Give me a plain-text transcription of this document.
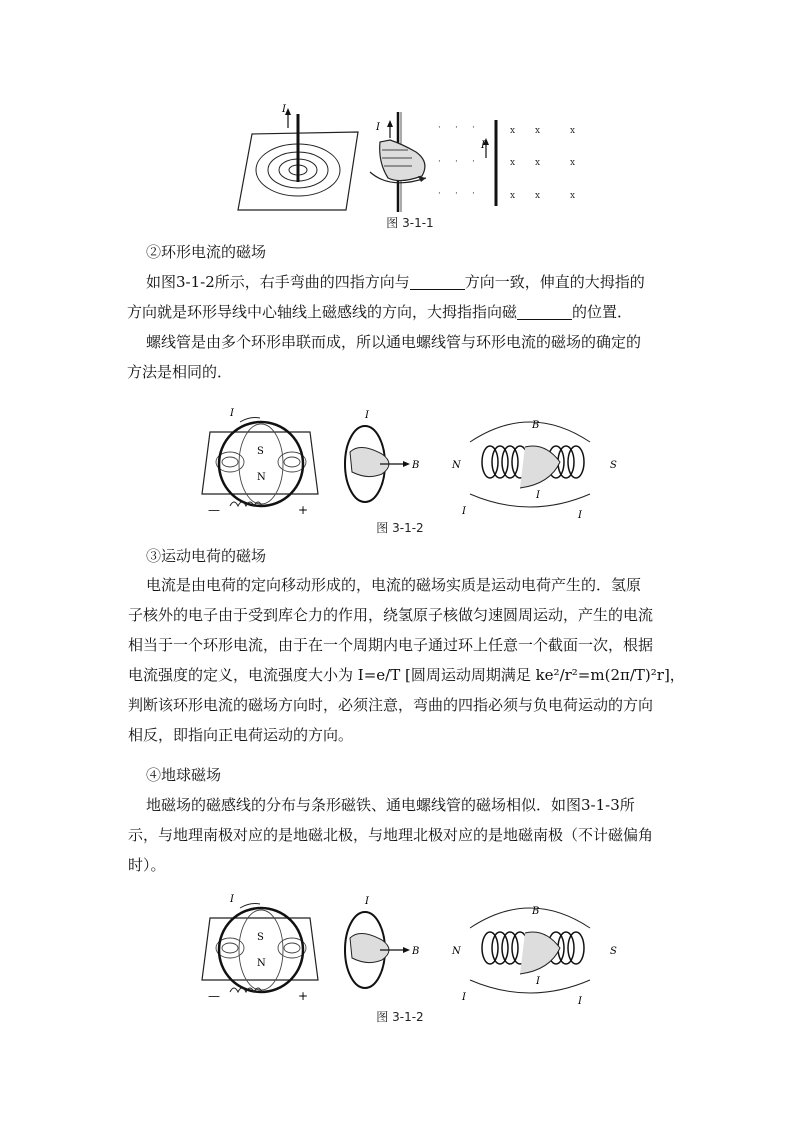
I
I	· · ·
· · ·
· · ·
x x	x
x x	x
x x	x
I
图 3-1-1
②环形电流的磁场
如图3-1-2所示，右手弯曲的四指方向与	方向一致，伸直的大拇指的
方向就是环形导线中心轴线上磁感线的方向，大拇指指向磁	的位置．
螺线管是由多个环形串联而成，所以通电螺线管与环形电流的磁场的确定的
方法是相同的．
S
N
—	+
I
B
I
N	S
B
I	I
I
图 3-1-2
③运动电荷的磁场
电流是由电荷的定向移动形成的，电流的磁场实质是运动电荷产生的．氢原
子核外的电子由于受到库仑力的作用，绕氢原子核做匀速圆周运动，产生的电流
相当于一个环形电流，由于在一个周期内电子通过环上任意一个截面一次，根据
电流强度的定义，电流强度大小为 I=e/T [圆周运动周期满足 ke²/r²=m(2π/T)²r]，
判断该环形电流的磁场方向时，必须注意，弯曲的四指必须与负电荷运动的方向
相反，即指向正电荷运动的方向。
④地球磁场
地磁场的磁感线的分布与条形磁铁、通电螺线管的磁场相似．如图3-1-3所
示，与地理南极对应的是地磁北极，与地理北极对应的是地磁南极（不计磁偏角
时）。
S
N
—	+
I
B
I
N	S
B
I	I
I
图 3-1-2
